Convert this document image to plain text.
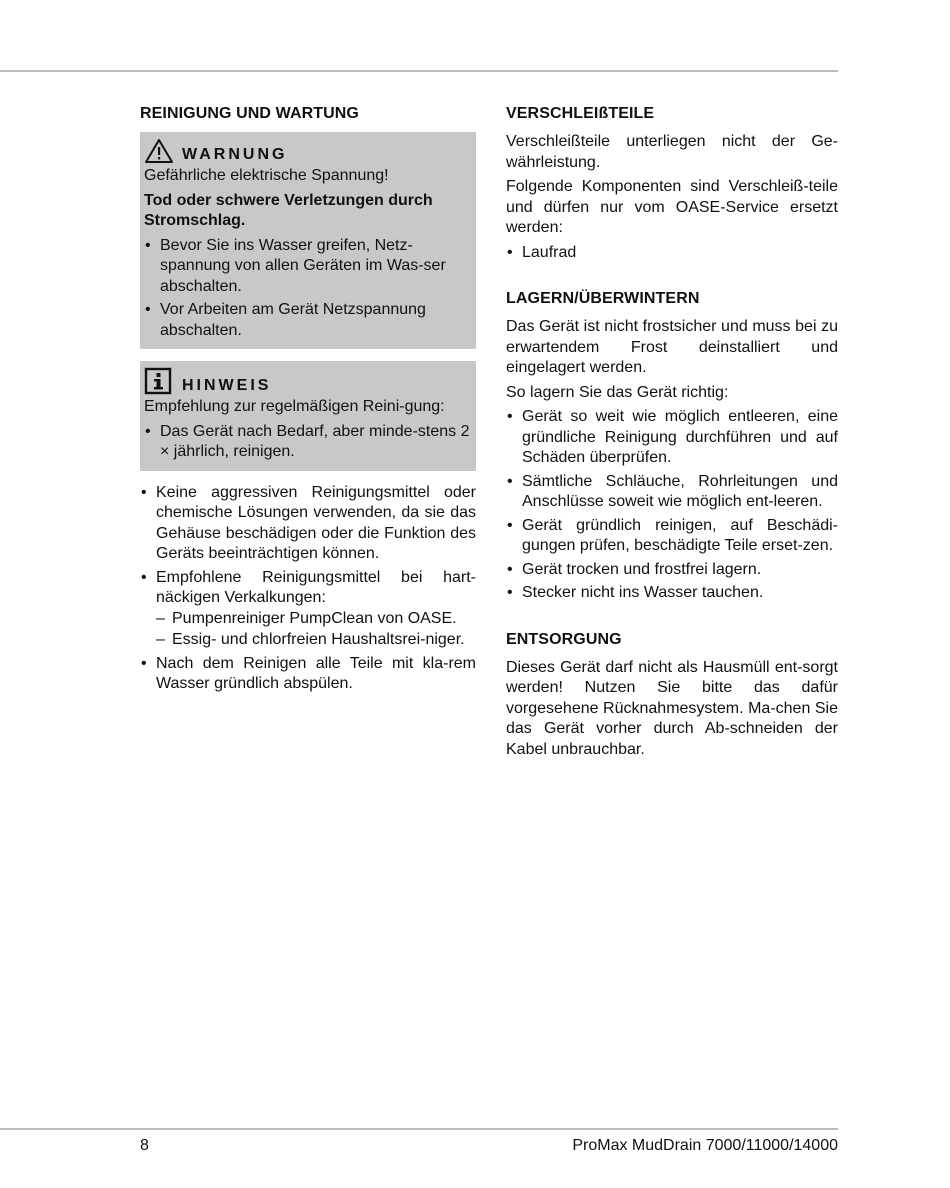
REINIGUNG UND WARTUNG
WARNUNG

Gefährliche elektrische Spannung!

Tod oder schwere Verletzungen durch Stromschlag.

• Bevor Sie ins Wasser greifen, Netz-spannung von allen Geräten im Was-ser abschalten.
• Vor Arbeiten am Gerät Netzspannung abschalten.
HINWEIS

Empfehlung zur regelmäßigen Reini-gung:

• Das Gerät nach Bedarf, aber minde-stens 2 × jährlich, reinigen.
• Keine aggressiven Reinigungsmittel oder chemische Lösungen verwenden, da sie das Gehäuse beschädigen oder die Funktion des Geräts beeinträchtigen können.
• Empfohlene Reinigungsmittel bei hart-näckigen Verkalkungen:
– Pumpenreiniger PumpClean von OASE.
– Essig- und chlorfreien Haushaltsrei-niger.
• Nach dem Reinigen alle Teile mit kla-rem Wasser gründlich abspülen.
VERSCHLEIßTEILE

Verschleißteile unterliegen nicht der Ge-währleistung.

Folgende Komponenten sind Verschleiß-teile und dürfen nur vom OASE-Service ersetzt werden:

• Laufrad
LAGERN/ÜBERWINTERN

Das Gerät ist nicht frostsicher und muss bei zu erwartendem Frost deinstalliert und eingelagert werden.

So lagern Sie das Gerät richtig:

• Gerät so weit wie möglich entleeren, eine gründliche Reinigung durchführen und auf Schäden überprüfen.
• Sämtliche Schläuche, Rohrleitungen und Anschlüsse soweit wie möglich ent-leeren.
• Gerät gründlich reinigen, auf Beschädi-gungen prüfen, beschädigte Teile erset-zen.
• Gerät trocken und frostfrei lagern.
• Stecker nicht ins Wasser tauchen.
ENTSORGUNG

Dieses Gerät darf nicht als Hausmüll ent-sorgt werden! Nutzen Sie bitte das dafür vorgesehene Rücknahmesystem. Ma-chen Sie das Gerät vorher durch Ab-schneiden der Kabel unbrauchbar.

8	ProMax MudDrain 7000/11000/14000
